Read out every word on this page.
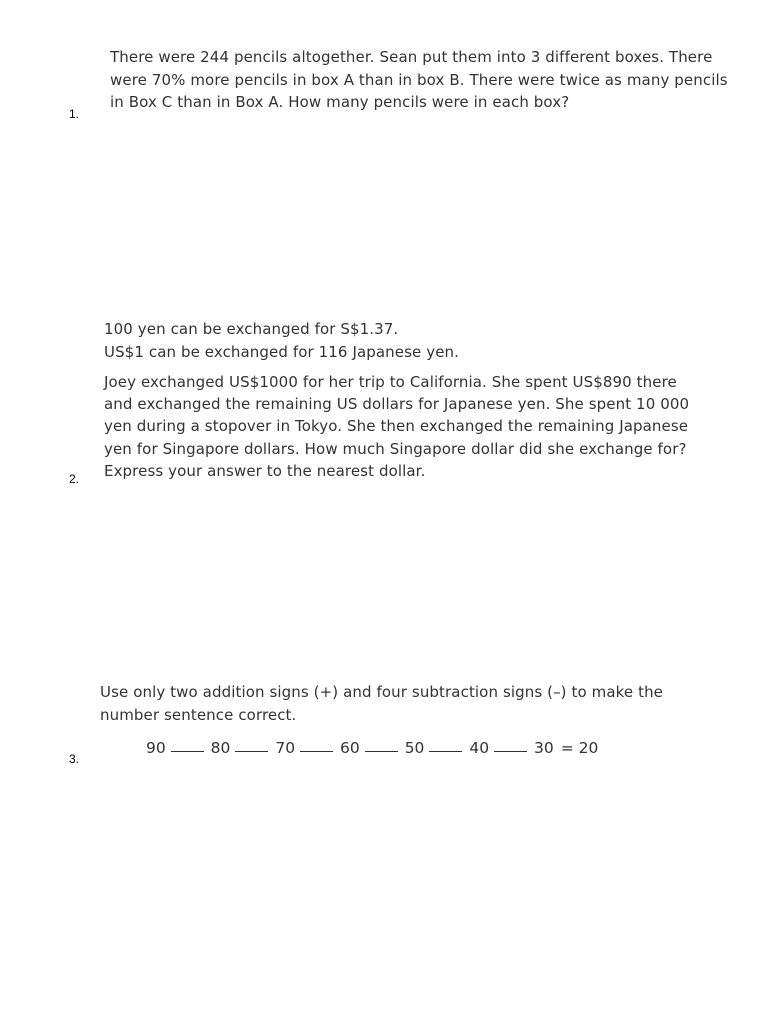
1.
There were 244 pencils altogether. Sean put them into 3 different boxes. There
were 70% more pencils in box A than in box B. There were twice as many pencils
in Box C than in Box A. How many pencils were in each box?
100 yen can be exchanged for S$1.37.
US$1 can be exchanged for 116 Japanese yen.
Joey exchanged US$1000 for her trip to California. She spent US$890 there
and exchanged the remaining US dollars for Japanese yen. She spent 10 000
yen during a stopover in Tokyo. She then exchanged the remaining Japanese
yen for Singapore dollars. How much Singapore dollar did she exchange for?
Express your answer to the nearest dollar.
2.
Use only two addition signs (+) and four subtraction signs (–) to make the
number sentence correct.
90	80	70	60	50	40	30 = 20
3.
